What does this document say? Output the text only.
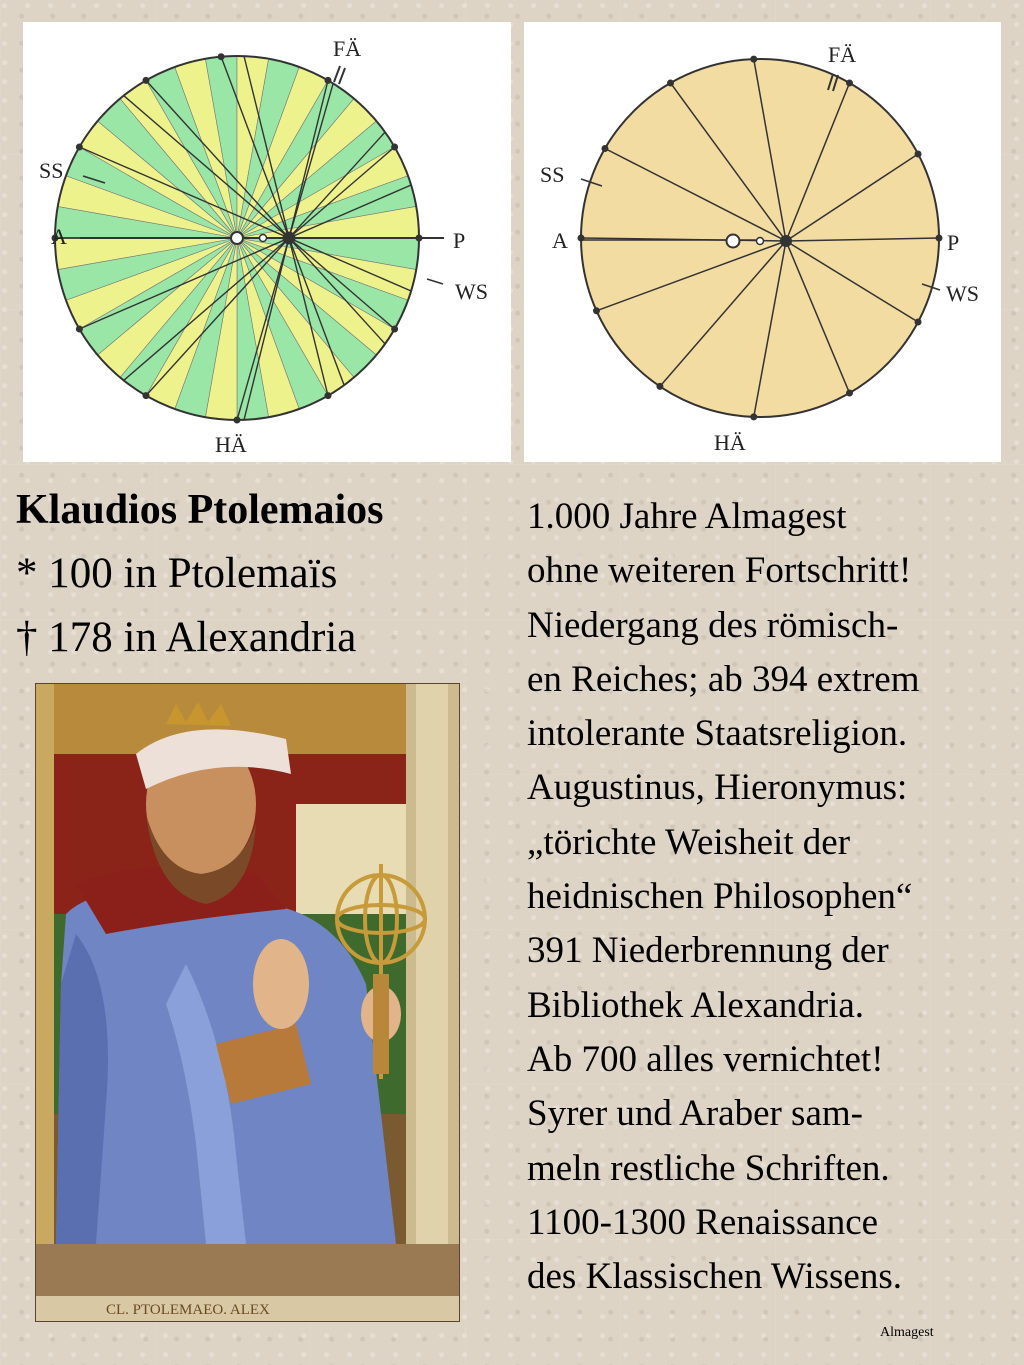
FÄ
SS
A	P
WS
HÄ
FÄ
SS
A	P
WS
HÄ
Klaudios Ptolemaios
* 100 in Ptolemaïs
† 178 in Alexandria
CL. PTOLEMAEO. ALEX
1.000 Jahre Almagest
ohne weiteren Fortschritt!
Niedergang des römisch-
en Reiches; ab 394 extrem
intolerante Staatsreligion.
Augustinus, Hieronymus:
„törichte Weisheit der
heidnischen Philosophen“
391 Niederbrennung der
Bibliothek Alexandria.
Ab 700 alles vernichtet!
Syrer und Araber sam-
meln restliche Schriften.
1100-1300 Renaissance
des Klassischen Wissens.
Almagest
